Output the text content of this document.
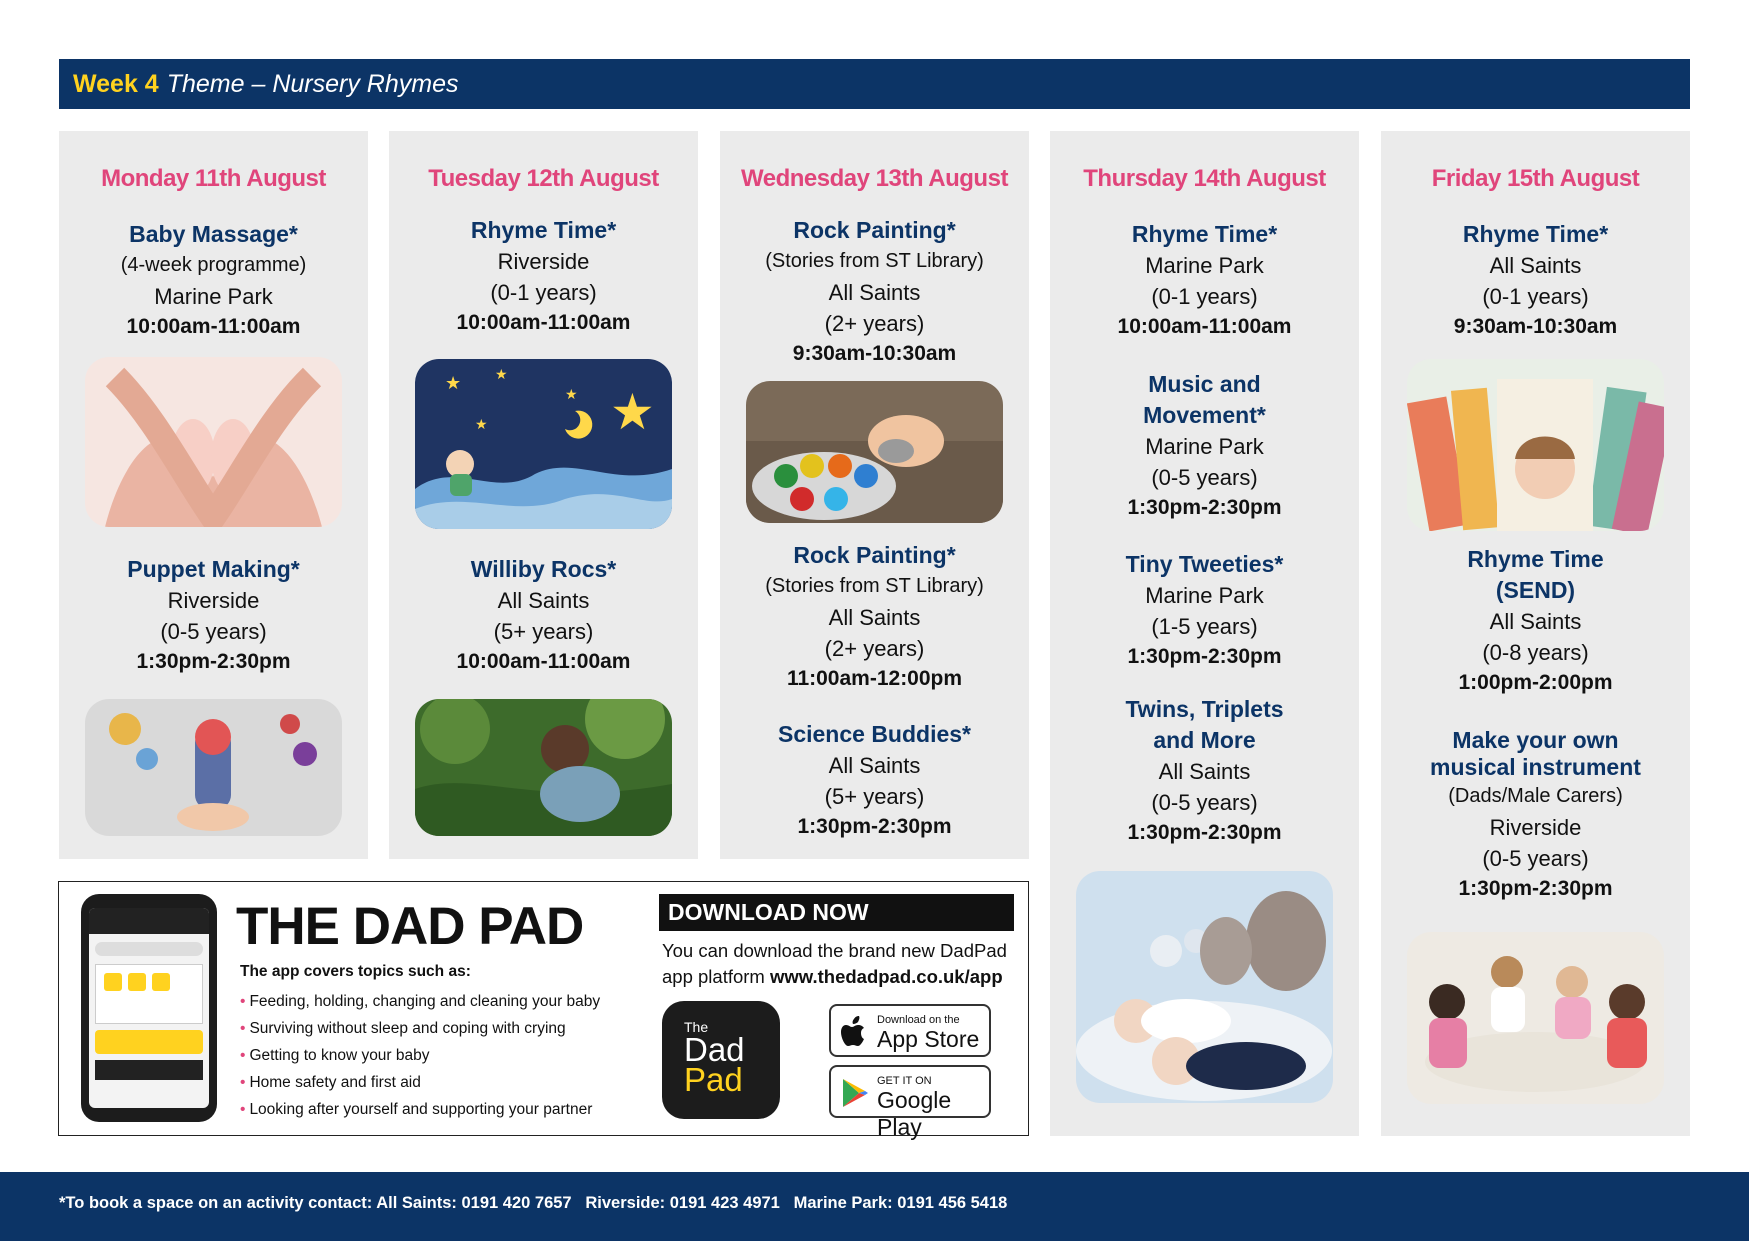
Week 4 Theme – Nursery Rhymes
Monday 11th August
Baby Massage*
(4-week programme)
Marine Park
10:00am-11:00am
Puppet Making*
Riverside
(0-5 years)
1:30pm-2:30pm
Tuesday 12th August
Rhyme Time*
Riverside
(0-1 years)
10:00am-11:00am
★ ★
★
★ ★
Williby Rocs*
All Saints
(5+ years)
10:00am-11:00am
Wednesday 13th August
Rock Painting*
(Stories from ST Library)
All Saints
(2+ years)
9:30am-10:30am
Rock Painting*
(Stories from ST Library)
All Saints
(2+ years)
11:00am-12:00pm
Science Buddies*
All Saints
(5+ years)
1:30pm-2:30pm
Thursday 14th August
Rhyme Time*
Marine Park
(0-1 years)
10:00am-11:00am
Music and
Movement*
Marine Park
(0-5 years)
1:30pm-2:30pm
Tiny Tweeties*
Marine Park
(1-5 years)
1:30pm-2:30pm
Twins, Triplets
and More
All Saints
(0-5 years)
1:30pm-2:30pm
Friday 15th August
Rhyme Time*
All Saints
(0-1 years)
9:30am-10:30am
Rhyme Time
(SEND)
All Saints
(0-8 years)
1:00pm-2:00pm
Make your own
musical instrument
(Dads/Male Carers)
Riverside
(0-5 years)
1:30pm-2:30pm
THE DAD PAD
The app covers topics such as:
• Feeding, holding, changing and cleaning your baby
• Surviving without sleep and coping with crying
• Getting to know your baby
• Home safety and first aid
• Looking after yourself and supporting your partner
DOWNLOAD NOW
You can download the brand new DadPad app platform www.thedadpad.co.uk/app
The
Dad
Pad
Download on the
App Store
GET IT ON
Google Play
*To book a space on an activity contact: All Saints: 0191 420 7657   Riverside: 0191 423 4971   Marine Park: 0191 456 5418
